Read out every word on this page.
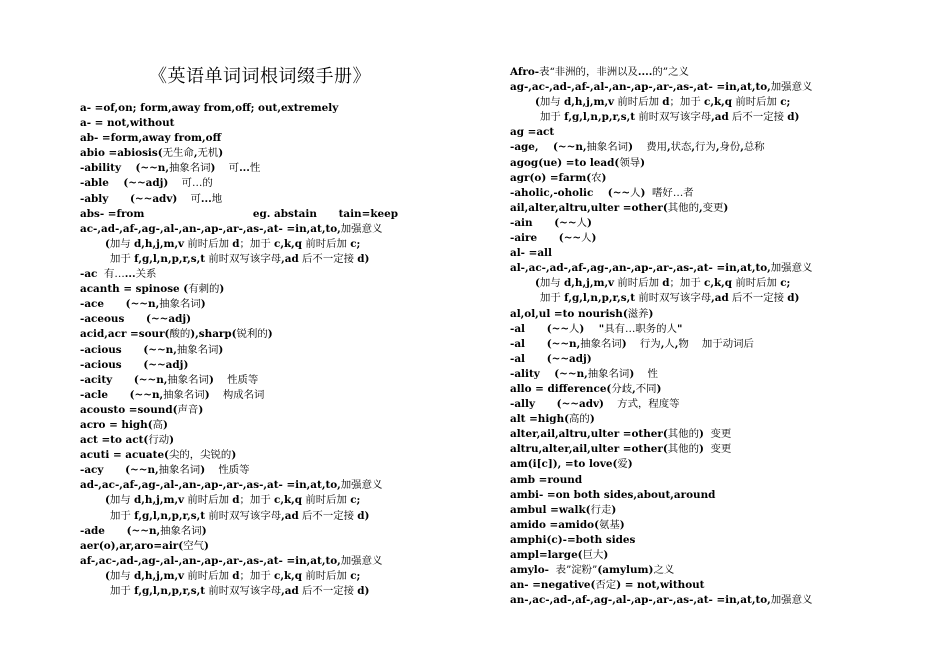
《英语单词词根词缀手册》
a- =of,on; form,away from,off; out,extremely
a- = not,without
ab- =form,away from,off
abio =abiosis(无生命,无机)
-ability    (~~n,抽象名词)    可...性
-able    (~~adj)    可…的
-ably      (~~adv)    可...地
abs- =from                              eg. abstain      tain=keep
ac-,ad-,af-,ag-,al-,an-,ap-,ar-,as-,at- =in,at,to,加强意义
(加与 d,h,j,m,v 前时后加 d；加于 c,k,q 前时后加 c;
加于 f,g,l,n,p,r,s,t 前时双写该字母,ad 后不一定接 d)
-ac  有…...关系
acanth = spinose (有刺的)
-ace      (~~n,抽象名词)
-aceous      (~~adj)
acid,acr =sour(酸的),sharp(锐利的)
-acious      (~~n,抽象名词)
-acious      (~~adj)
-acity      (~~n,抽象名词)    性质等
-acle      (~~n,抽象名词)    构成名词
acousto =sound(声音)
acro = high(高)
act =to act(行动)
acuti = acuate(尖的，尖锐的)
-acy      (~~n,抽象名词)    性质等
ad-,ac-,af-,ag-,al-,an-,ap-,ar-,as-,at- =in,at,to,加强意义
(加与 d,h,j,m,v 前时后加 d；加于 c,k,q 前时后加 c;
加于 f,g,l,n,p,r,s,t 前时双写该字母,ad 后不一定接 d)
-ade      (~~n,抽象名词)
aer(o),ar,aro=air(空气)
af-,ac-,ad-,ag-,al-,an-,ap-,ar-,as-,at- =in,at,to,加强意义
(加与 d,h,j,m,v 前时后加 d；加于 c,k,q 前时后加 c;
加于 f,g,l,n,p,r,s,t 前时双写该字母,ad 后不一定接 d)
Afro-表“非洲的，非洲以及....的”之义
ag-,ac-,ad-,af-,al-,an-,ap-,ar-,as-,at- =in,at,to,加强意义
(加与 d,h,j,m,v 前时后加 d；加于 c,k,q 前时后加 c;
加于 f,g,l,n,p,r,s,t 前时双写该字母,ad 后不一定接 d)
ag =act
-age,    (~~n,抽象名词)    费用,状态,行为,身份,总称
agog(ue) =to lead(领导)
agr(o) =farm(农)
-aholic,-oholic    (~~人)  嗜好…者
ail,alter,altru,ulter =other(其他的,变更)
-ain      (~~人)
-aire      (~~人)
al- =all
al-,ac-,ad-,af-,ag-,an-,ap-,ar-,as-,at- =in,at,to,加强意义
(加与 d,h,j,m,v 前时后加 d；加于 c,k,q 前时后加 c;
加于 f,g,l,n,p,r,s,t 前时双写该字母,ad 后不一定接 d)
al,ol,ul =to nourish(滋养)
-al      (~~人)    "具有…职务的人"
-al      (~~n,抽象名词)    行为,人,物    加于动词后
-al      (~~adj)
-ality    (~~n,抽象名词)    性
allo = difference(分歧,不同)
-ally      (~~adv)    方式，程度等
alt =high(高的)
alter,ail,altru,ulter =other(其他的)  变更
altru,alter,ail,ulter =other(其他的)  变更
am(i[c]), =to love(爱)
amb =round
ambi- =on both sides,about,around
ambul =walk(行走)
amido =amido(氨基)
amphi(c)-=both sides
ampl=large(巨大)
amylo-  表”淀粉”(amylum)之义
an- =negative(否定) = not,without
an-,ac-,ad-,af-,ag-,al-,ap-,ar-,as-,at- =in,at,to,加强意义
